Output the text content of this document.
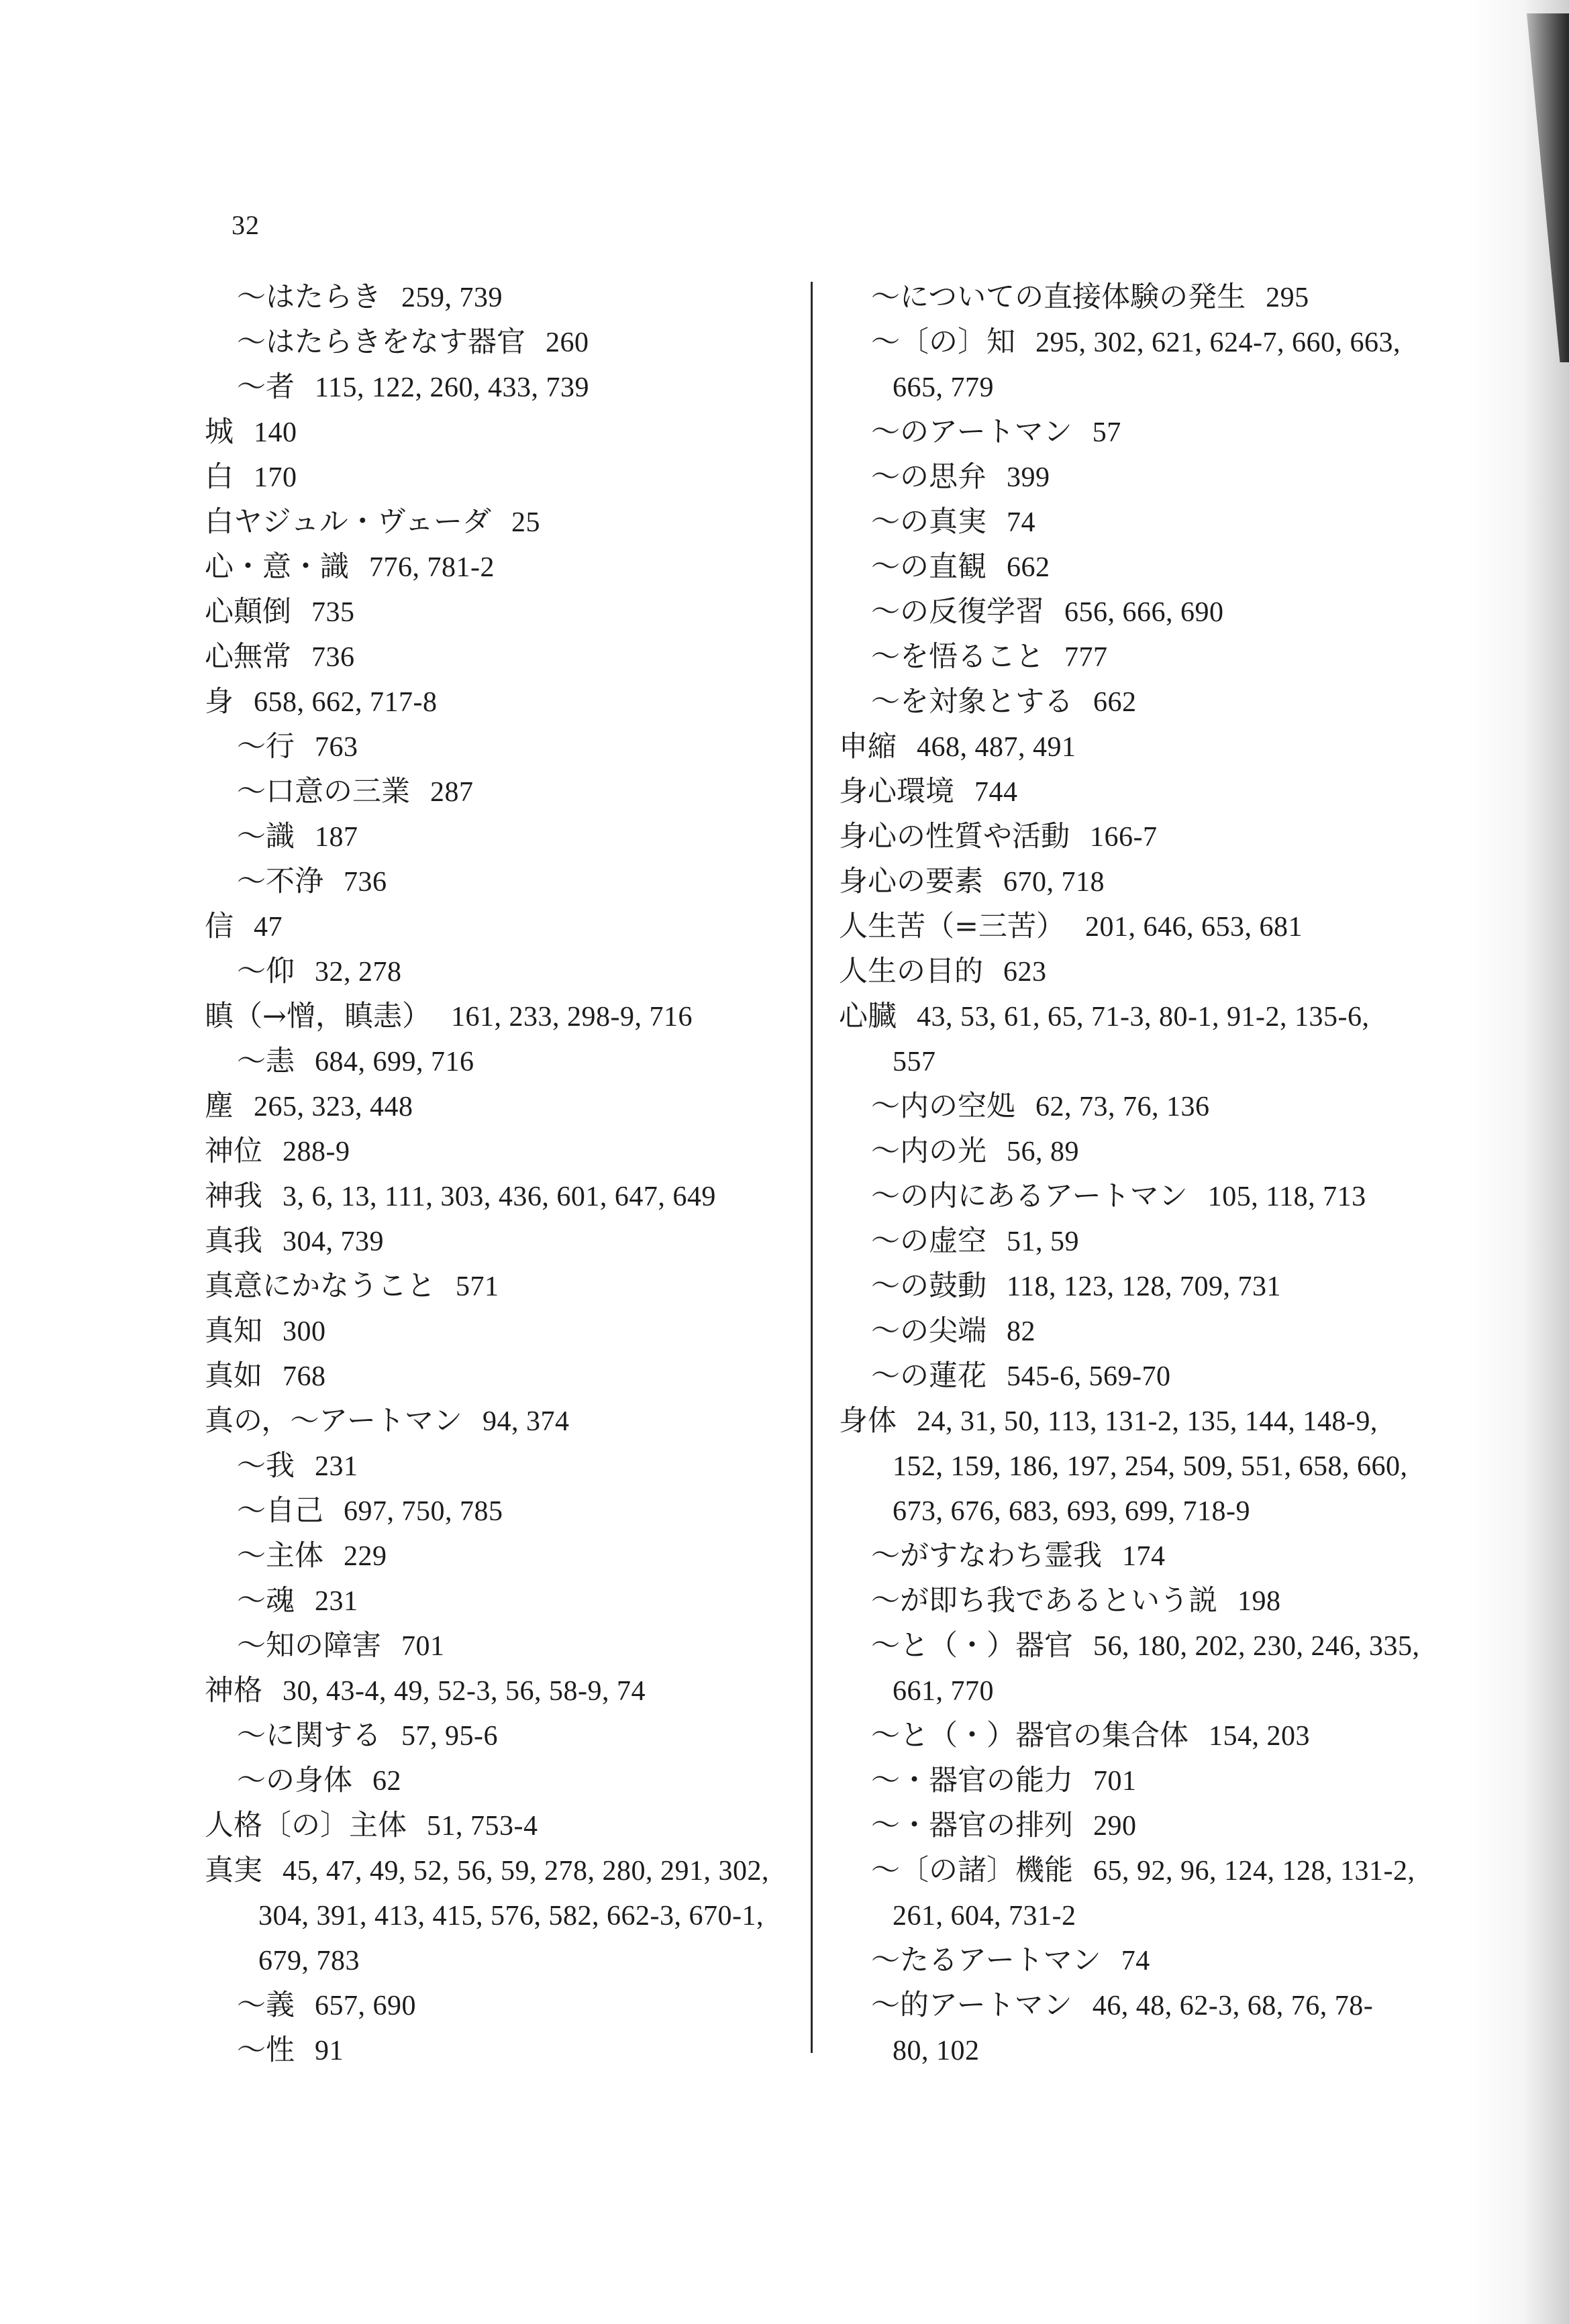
32
〜はたらき 259, 739
〜はたらきをなす器官 260
〜者 115, 122, 260, 433, 739
城 140
白 170
白ヤジュル・ヴェーダ 25
心・意・識 776, 781-2
心顛倒 735
心無常 736
身 658, 662, 717-8
〜行 763
〜口意の三業 287
〜識 187
〜不浄 736
信 47
〜仰 32, 278
瞋（→憎，瞋恚） 161, 233, 298-9, 716
〜恚 684, 699, 716
塵 265, 323, 448
神位 288-9
神我 3, 6, 13, 111, 303, 436, 601, 647, 649
真我 304, 739
真意にかなうこと 571
真知 300
真如 768
真の，〜アートマン 94, 374
〜我 231
〜自己 697, 750, 785
〜主体 229
〜魂 231
〜知の障害 701
神格 30, 43-4, 49, 52-3, 56, 58-9, 74
〜に関する 57, 95-6
〜の身体 62
人格〔の〕主体 51, 753-4
真実 45, 47, 49, 52, 56, 59, 278, 280, 291, 302,
304, 391, 413, 415, 576, 582, 662-3, 670-1,
679, 783
〜義 657, 690
〜性 91
〜についての直接体験の発生 295
〜〔の〕知 295, 302, 621, 624-7, 660, 663,
665, 779
〜のアートマン 57
〜の思弁 399
〜の真実 74
〜の直観 662
〜の反復学習 656, 666, 690
〜を悟ること 777
〜を対象とする 662
申縮 468, 487, 491
身心環境 744
身心の性質や活動 166-7
身心の要素 670, 718
人生苦（=三苦） 201, 646, 653, 681
人生の目的 623
心臓 43, 53, 61, 65, 71-3, 80-1, 91-2, 135-6,
557
〜内の空処 62, 73, 76, 136
〜内の光 56, 89
〜の内にあるアートマン 105, 118, 713
〜の虚空 51, 59
〜の鼓動 118, 123, 128, 709, 731
〜の尖端 82
〜の蓮花 545-6, 569-70
身体 24, 31, 50, 113, 131-2, 135, 144, 148-9,
152, 159, 186, 197, 254, 509, 551, 658, 660,
673, 676, 683, 693, 699, 718-9
〜がすなわち霊我 174
〜が即ち我であるという説 198
〜と（・）器官 56, 180, 202, 230, 246, 335,
661, 770
〜と（・）器官の集合体 154, 203
〜・器官の能力 701
〜・器官の排列 290
〜〔の諸〕機能 65, 92, 96, 124, 128, 131-2,
261, 604, 731-2
〜たるアートマン 74
〜的アートマン 46, 48, 62-3, 68, 76, 78-
80, 102
